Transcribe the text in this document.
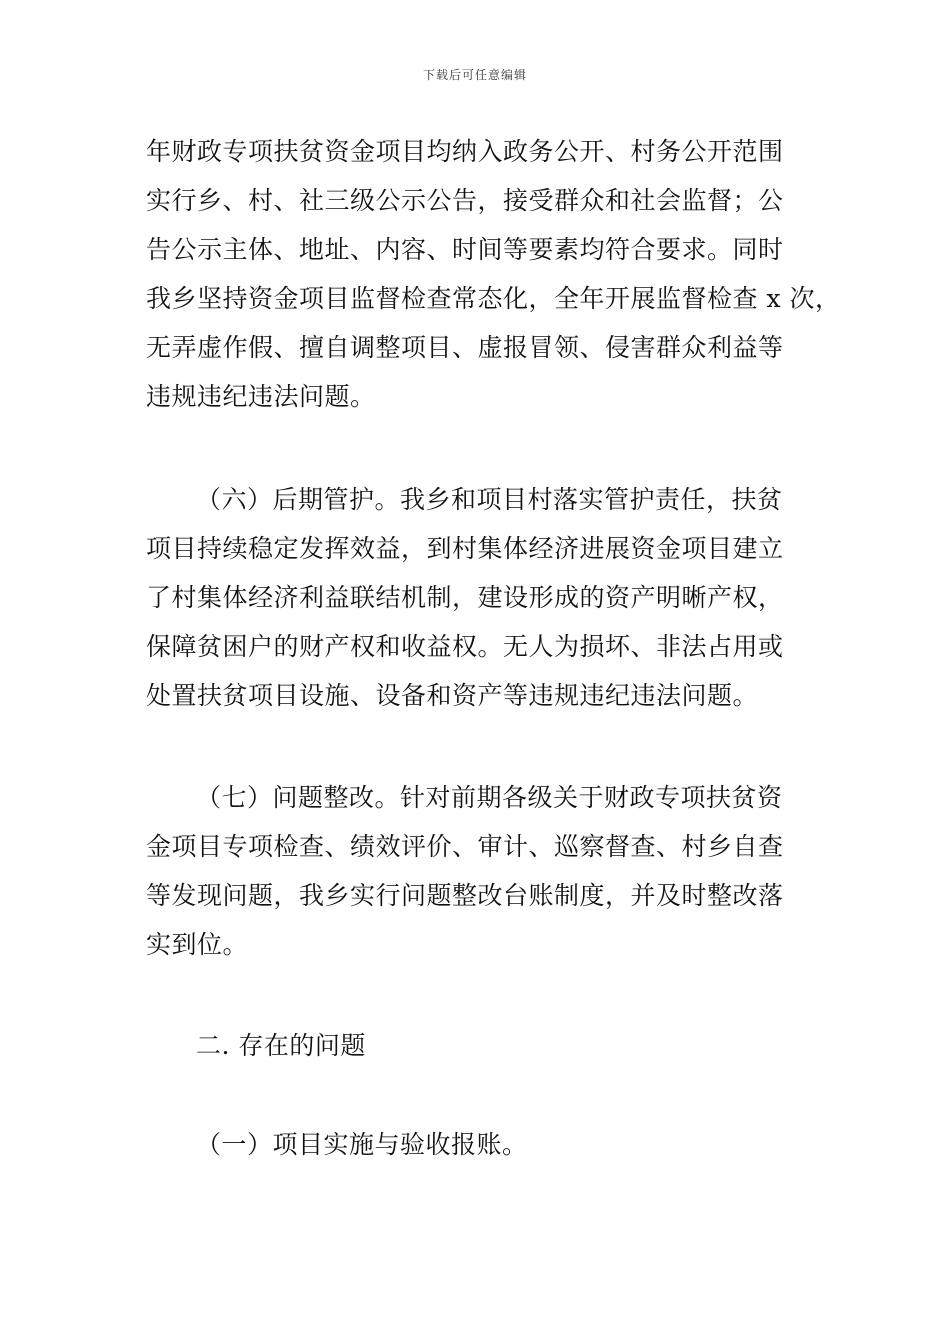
下载后可任意编辑
年财政专项扶贫资金项目均纳入政务公开、村务公开范围
实行乡、村、社三级公示公告，接受群众和社会监督；公
告公示主体、地址、内容、时间等要素均符合要求。同时
我乡坚持资金项目监督检查常态化，全年开展监督检查 x 次，
无弄虚作假、擅自调整项目、虚报冒领、侵害群众利益等
违规违纪违法问题。
（六）后期管护。我乡和项目村落实管护责任，扶贫
项目持续稳定发挥效益，到村集体经济进展资金项目建立
了村集体经济利益联结机制，建设形成的资产明晰产权，
保障贫困户的财产权和收益权。无人为损坏、非法占用或
处置扶贫项目设施、设备和资产等违规违纪违法问题。
（七）问题整改。针对前期各级关于财政专项扶贫资
金项目专项检查、绩效评价、审计、巡察督查、村乡自查
等发现问题，我乡实行问题整改台账制度，并及时整改落
实到位。
二. 存在的问题
（一）项目实施与验收报账。
